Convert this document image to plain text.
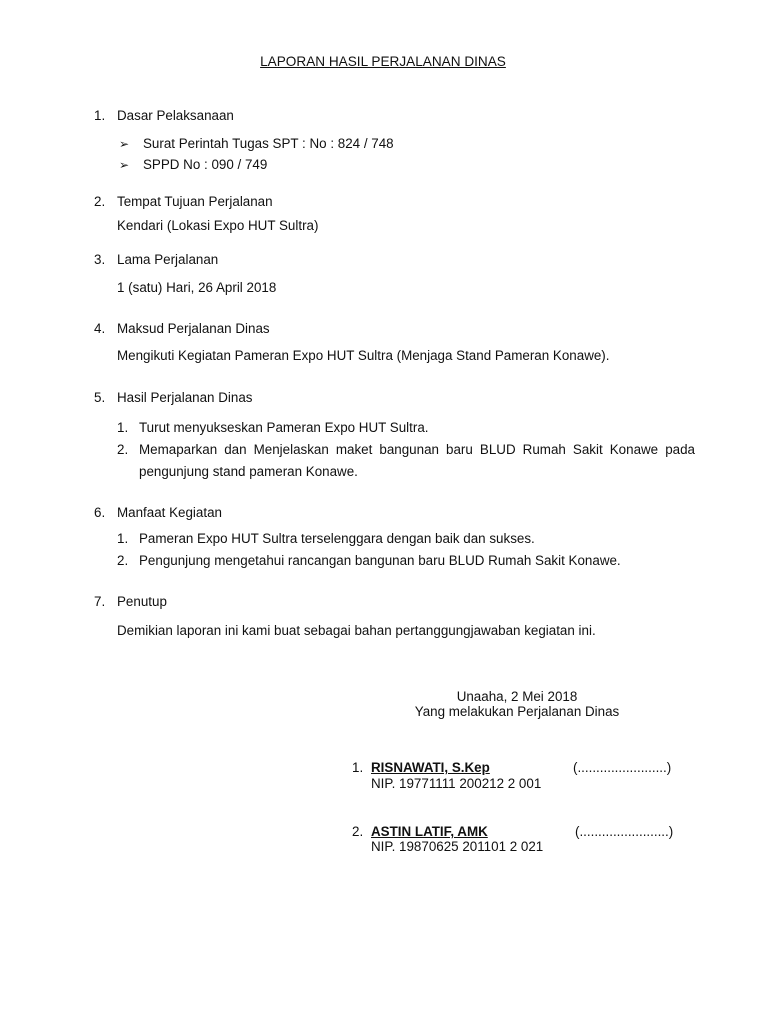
LAPORAN HASIL PERJALANAN DINAS
1. Dasar Pelaksanaan
➢ Surat Perintah Tugas SPT : No : 824 / 748
➢ SPPD No : 090 / 749
2. Tempat Tujuan Perjalanan
Kendari (Lokasi Expo HUT Sultra)
3. Lama Perjalanan
1 (satu) Hari, 26 April 2018
4. Maksud Perjalanan Dinas
Mengikuti Kegiatan Pameran Expo HUT Sultra (Menjaga Stand Pameran Konawe).
5. Hasil Perjalanan Dinas
1. Turut menyukseskan Pameran Expo HUT Sultra.
2. Memaparkan dan Menjelaskan maket bangunan baru BLUD Rumah Sakit Konawe pada
pengunjung stand pameran Konawe.
6. Manfaat Kegiatan
1. Pameran Expo HUT Sultra terselenggara dengan baik dan sukses.
2. Pengunjung mengetahui rancangan bangunan baru BLUD Rumah Sakit Konawe.
7. Penutup
Demikian laporan ini kami buat sebagai bahan pertanggungjawaban kegiatan ini.
Unaaha, 2 Mei 2018
Yang melakukan Perjalanan Dinas
1. RISNAWATI, S.Kep	(........................)
NIP. 19771111 200212 2 001
2. ASTIN LATIF, AMK	(........................)
NIP. 19870625 201101 2 021
